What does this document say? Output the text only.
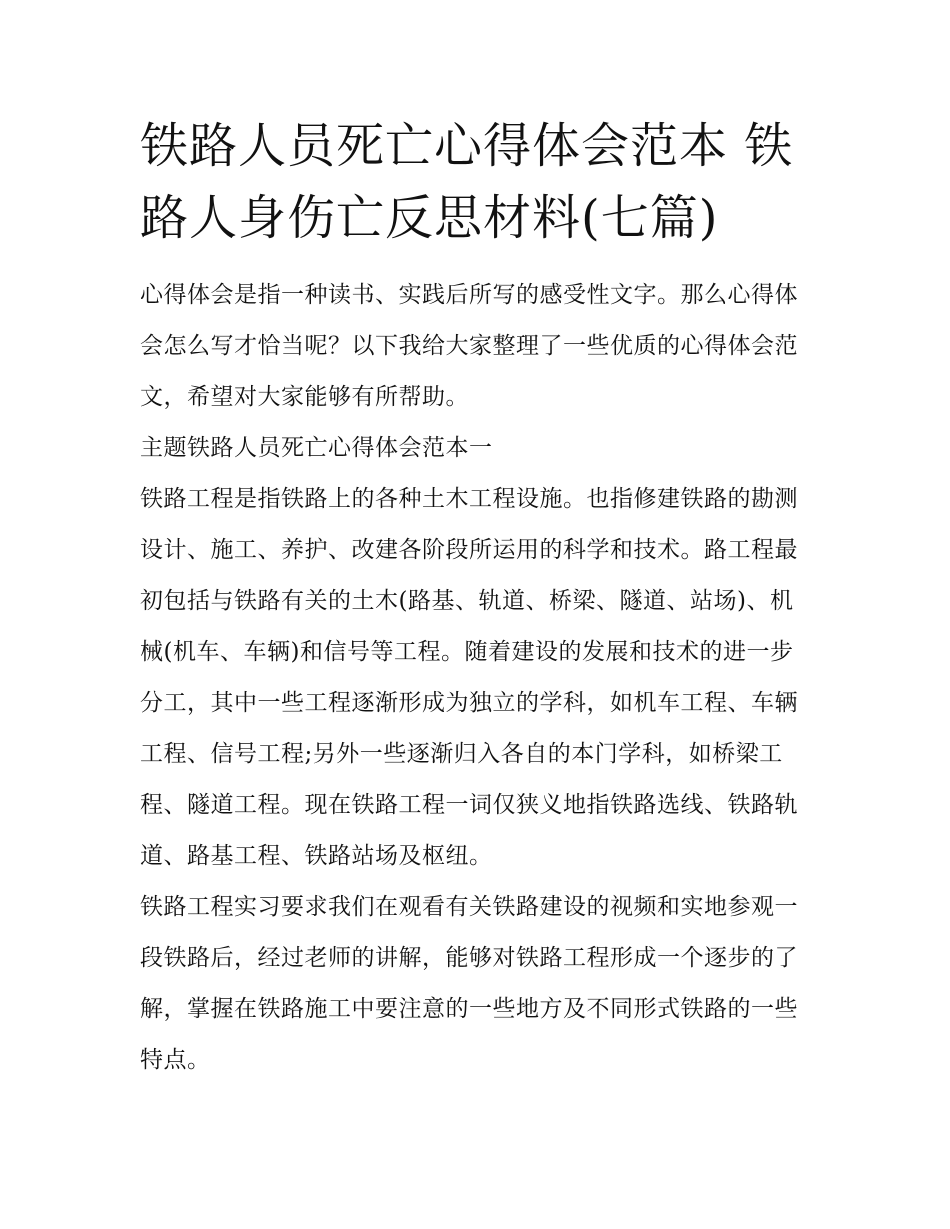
铁路人员死亡心得体会范本 铁路人身伤亡反思材料(七篇)

心得体会是指一种读书、实践后所写的感受性文字。那么心得体会怎么写才恰当呢？以下我给大家整理了一些优质的心得体会范文，希望对大家能够有所帮助。

主题铁路人员死亡心得体会范本一

铁路工程是指铁路上的各种土木工程设施。也指修建铁路的勘测设计、施工、养护、改建各阶段所运用的科学和技术。路工程最初包括与铁路有关的土木(路基、轨道、桥梁、隧道、站场)、机械(机车、车辆)和信号等工程。随着建设的发展和技术的进一步分工，其中一些工程逐渐形成为独立的学科，如机车工程、车辆工程、信号工程;另外一些逐渐归入各自的本门学科，如桥梁工程、隧道工程。现在铁路工程一词仅狭义地指铁路选线、铁路轨道、路基工程、铁路站场及枢纽。

铁路工程实习要求我们在观看有关铁路建设的视频和实地参观一段铁路后，经过老师的讲解，能够对铁路工程形成一个逐步的了解，掌握在铁路施工中要注意的一些地方及不同形式铁路的一些特点。
